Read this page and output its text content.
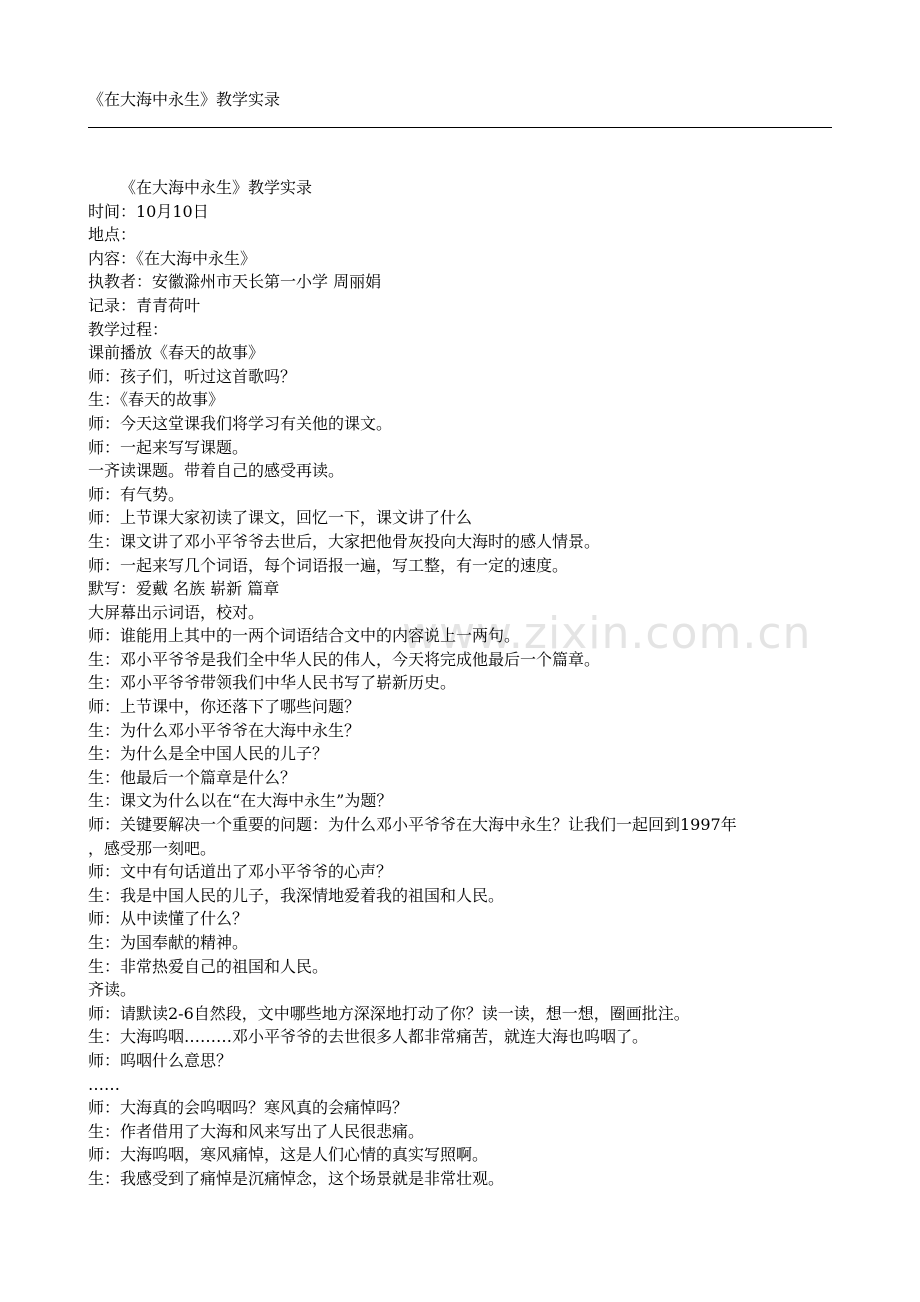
《在大海中永生》教学实录
www.zixin.com.cn
《在大海中永生》教学实录
时间：10月10日
地点：
内容：《在大海中永生》
执教者：安徽滁州市天长第一小学 周丽娟
记录：青青荷叶
教学过程：
课前播放《春天的故事》
师：孩子们，听过这首歌吗？
生：《春天的故事》
师：今天这堂课我们将学习有关他的课文。
师：一起来写写课题。
一齐读课题。带着自己的感受再读。
师：有气势。
师：上节课大家初读了课文，回忆一下，课文讲了什么
生：课文讲了邓小平爷爷去世后，大家把他骨灰投向大海时的感人情景。
师：一起来写几个词语，每个词语报一遍，写工整，有一定的速度。
默写：爱戴 名族 崭新 篇章
大屏幕出示词语，校对。
师：谁能用上其中的一两个词语结合文中的内容说上一两句。
生：邓小平爷爷是我们全中华人民的伟人，今天将完成他最后一个篇章。
生：邓小平爷爷带领我们中华人民书写了崭新历史。
师：上节课中，你还落下了哪些问题？
生：为什么邓小平爷爷在大海中永生？
生：为什么是全中国人民的儿子？
生：他最后一个篇章是什么？
生：课文为什么以在“在大海中永生”为题？
师：关键要解决一个重要的问题：为什么邓小平爷爷在大海中永生？让我们一起回到1997年
，感受那一刻吧。
师：文中有句话道出了邓小平爷爷的心声？
生：我是中国人民的儿子，我深情地爱着我的祖国和人民。
师：从中读懂了什么？
生：为国奉献的精神。
生：非常热爱自己的祖国和人民。
齐读。
师：请默读2-6自然段，文中哪些地方深深地打动了你？读一读，想一想，圈画批注。
生：大海呜咽………邓小平爷爷的去世很多人都非常痛苦，就连大海也呜咽了。
师：呜咽什么意思？
……
师：大海真的会呜咽吗？寒风真的会痛悼吗？
生：作者借用了大海和风来写出了人民很悲痛。
师：大海呜咽，寒风痛悼，这是人们心情的真实写照啊。
生：我感受到了痛悼是沉痛悼念，这个场景就是非常壮观。
